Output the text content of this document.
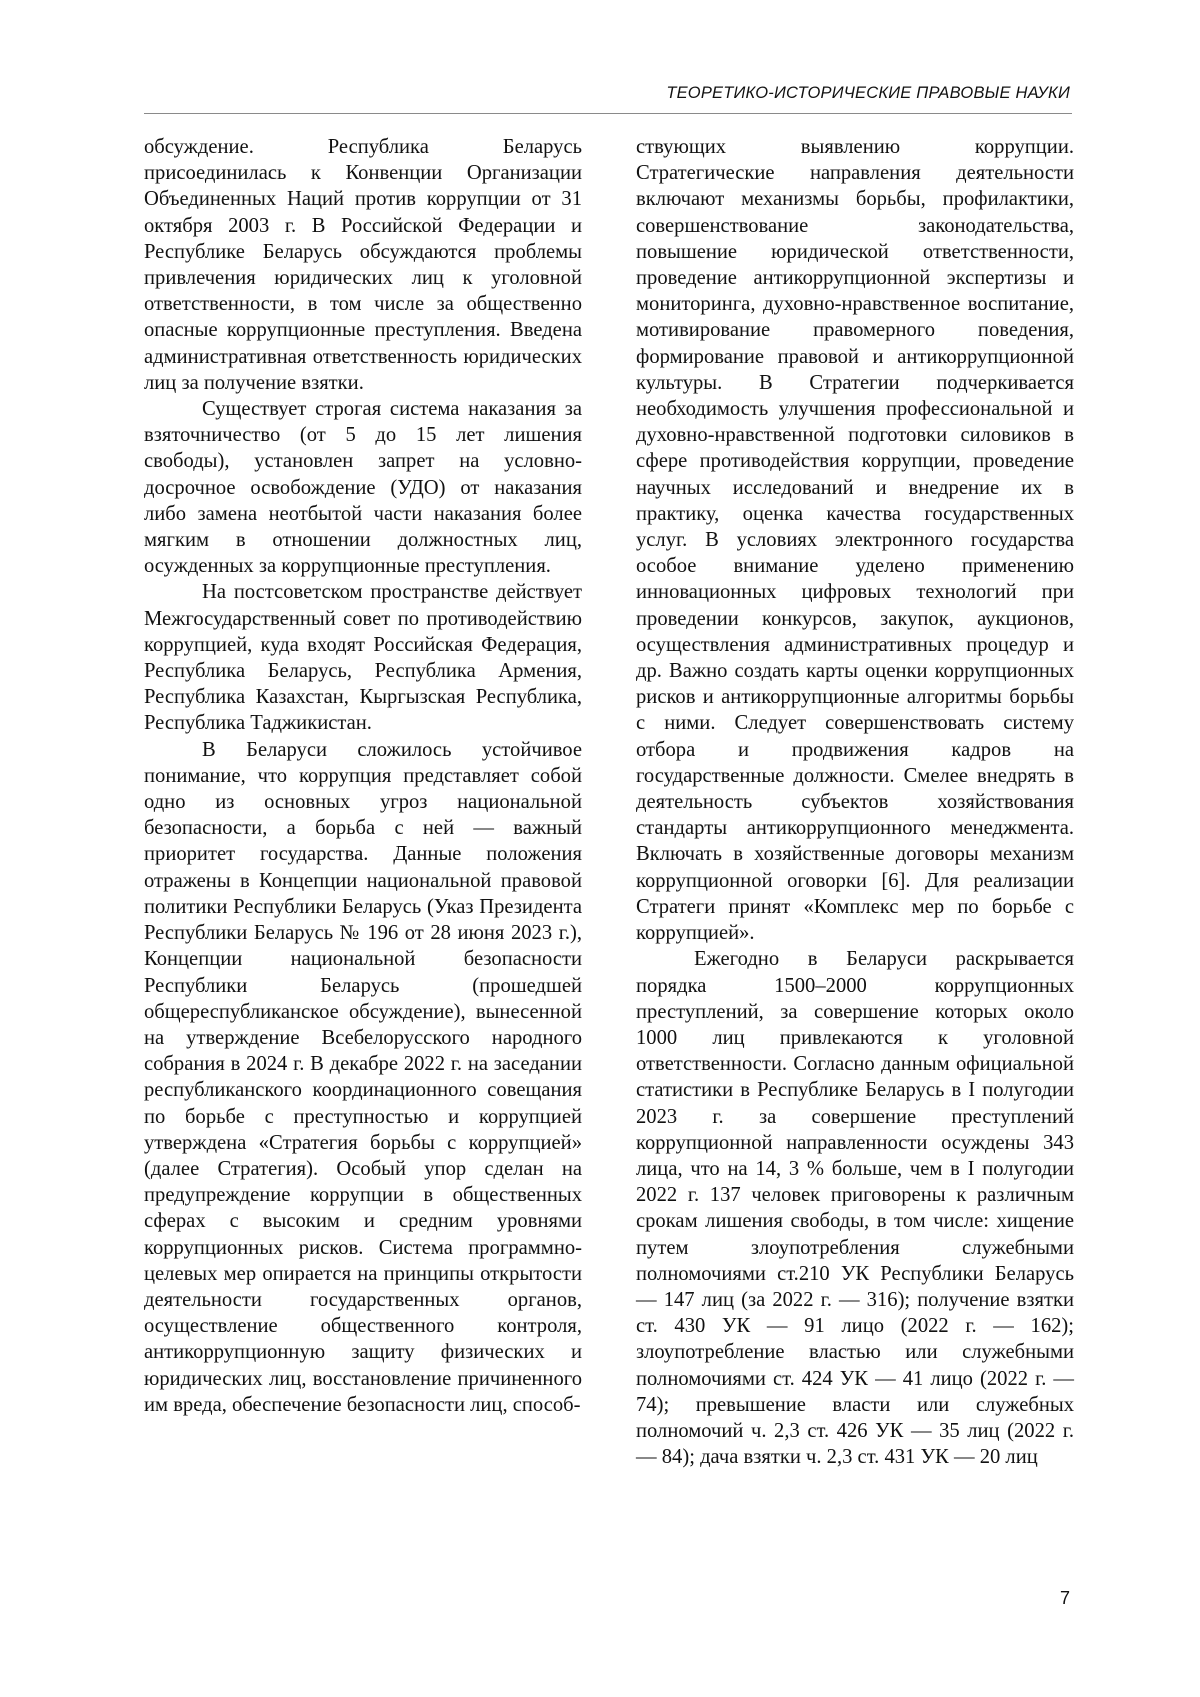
ТЕОРЕТИКО-ИСТОРИЧЕСКИЕ ПРАВОВЫЕ НАУКИ

обсуждение. Республика Беларусь присоединилась к Конвенции Организации Объединенных Наций против коррупции от 31 октября 2003 г. В Российской Федерации и Республике Беларусь обсуждаются проблемы привлечения юридических лиц к уголовной ответственности, в том числе за общественно опасные коррупционные преступления. Введена административная ответственность юридических лиц за получение взятки.

Существует строгая система наказания за взяточничество (от 5 до 15 лет лишения свободы), установлен запрет на условно-досрочное освобождение (УДО) от наказания либо замена неотбытой части наказания более мягким в отношении должностных лиц, осужденных за коррупционные преступления.

На постсоветском пространстве действует Межгосударственный совет по противодействию коррупцией, куда входят Российская Федерация, Республика Беларусь, Республика Армения, Республика Казахстан, Кыргызская Республика, Республика Таджикистан.

В Беларуси сложилось устойчивое понимание, что коррупция представляет собой одно из основных угроз национальной безопасности, а борьба с ней — важный приоритет государства. Данные положения отражены в Концепции национальной правовой политики Республики Беларусь (Указ Президента Республики Беларусь № 196 от 28 июня 2023 г.), Концепции национальной безопасности Республики Беларусь (прошедшей общереспубликанское обсуждение), вынесенной на утверждение Всебелорусского народного собрания в 2024 г. В декабре 2022 г. на заседании республиканского координационного совещания по борьбе с преступностью и коррупцией утверждена «Стратегия борьбы с коррупцией» (далее Стратегия). Особый упор сделан на предупреждение коррупции в общественных сферах с высоким и средним уровнями коррупционных рисков. Система программно-целевых мер опирается на принципы открытости деятельности государственных органов, осуществление общественного контроля, антикоррупционную защиту физических и юридических лиц, восстановление причиненного им вреда, обеспечение безопасности лиц, способ-

ствующих выявлению коррупции. Стратегические направления деятельности включают механизмы борьбы, профилактики, совершенствование законодательства, повышение юридической ответственности, проведение антикоррупционной экспертизы и мониторинга, духовно-нравственное воспитание, мотивирование правомерного поведения, формирование правовой и антикоррупционной культуры. В Стратегии подчеркивается необходимость улучшения профессиональной и духовно-нравственной подготовки силовиков в сфере противодействия коррупции, проведение научных исследований и внедрение их в практику, оценка качества государственных услуг. В условиях электронного государства особое внимание уделено применению инновационных цифровых технологий при проведении конкурсов, закупок, аукционов, осуществления административных процедур и др. Важно создать карты оценки коррупционных рисков и антикоррупционные алгоритмы борьбы с ними. Следует совершенствовать систему отбора и продвижения кадров на государственные должности. Смелее внедрять в деятельность субъектов хозяйствования стандарты антикоррупционного менеджмента. Включать в хозяйственные договоры механизм коррупционной оговорки [6]. Для реализации Стратеги принят «Комплекс мер по борьбе с коррупцией».

Ежегодно в Беларуси раскрывается порядка 1500–2000 коррупционных преступлений, за совершение которых около 1000 лиц привлекаются к уголовной ответственности. Согласно данным официальной статистики в Республике Беларусь в I полугодии 2023 г. за совершение преступлений коррупционной направленности осуждены 343 лица, что на 14, 3 % больше, чем в I полугодии 2022 г. 137 человек приговорены к различным срокам лишения свободы, в том числе: хищение путем злоупотребления служебными полномочиями ст.210 УК Республики Беларусь — 147 лиц (за 2022 г. — 316); получение взятки ст. 430 УК — 91 лицо (2022 г. — 162); злоупотребление властью или служебными полномочиями ст. 424 УК — 41 лицо (2022 г. — 74); превышение власти или служебных полномочий ч. 2,3 ст. 426 УК — 35 лиц (2022 г. — 84); дача взятки ч. 2,3 ст. 431 УК — 20 лиц

7
